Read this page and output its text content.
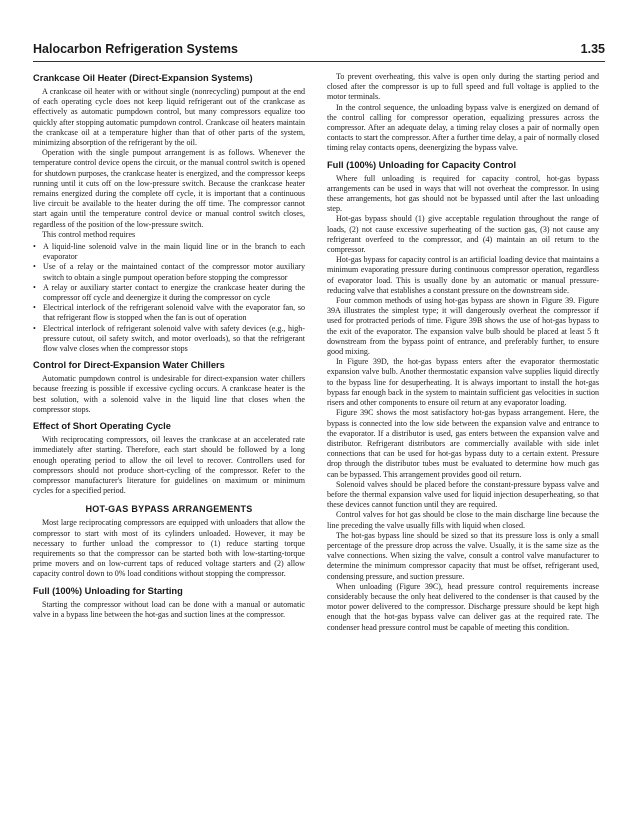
Halocarbon Refrigeration Systems	1.35
Crankcase Oil Heater (Direct-Expansion Systems)

A crankcase oil heater with or without single (nonrecycling) pumpout at the end of each operating cycle does not keep liquid refrigerant out of the crankcase as effectively as automatic pumpdown control, but many compressors equalize too quickly after stopping automatic pumpdown control. Crankcase oil heaters maintain the crankcase oil at a temperature higher than that of other parts of the system, minimizing absorption of the refrigerant by the oil.

Operation with the single pumpout arrangement is as follows. Whenever the temperature control device opens the circuit, or the manual control switch is opened for shutdown purposes, the crankcase heater is energized, and the compressor keeps running until it cuts off on the low-pressure switch. Because the crankcase heater remains energized during the complete off cycle, it is important that a continuous live circuit be available to the heater during the off time. The compressor cannot start again until the temperature control device or manual control switch closes, regardless of the position of the low-pressure switch.

This control method requires

• A liquid-line solenoid valve in the main liquid line or in the branch to each evaporator
• Use of a relay or the maintained contact of the compressor motor auxiliary switch to obtain a single pumpout operation before stopping the compressor
• A relay or auxiliary starter contact to energize the crankcase heater during the compressor off cycle and deenergize it during the compressor on cycle
• Electrical interlock of the refrigerant solenoid valve with the evaporator fan, so that refrigerant flow is stopped when the fan is out of operation
• Electrical interlock of refrigerant solenoid valve with safety devices (e.g., high-pressure cutout, oil safety switch, and motor overloads), so that the refrigerant flow valve closes when the compressor stops
Control for Direct-Expansion Water Chillers

Automatic pumpdown control is undesirable for direct-expansion water chillers because freezing is possible if excessive cycling occurs. A crankcase heater is the best solution, with a solenoid valve in the liquid line that closes when the compressor stops.

Effect of Short Operating Cycle

With reciprocating compressors, oil leaves the crankcase at an accelerated rate immediately after starting. Therefore, each start should be followed by a long enough operating period to allow the oil level to recover. Controllers used for compressors should not produce short-cycling of the compressor. Refer to the compressor manufacturer's literature for guidelines on maximum or minimum cycles for a specified period.

HOT-GAS BYPASS ARRANGEMENTS

Most large reciprocating compressors are equipped with unloaders that allow the compressor to start with most of its cylinders unloaded. However, it may be necessary to further unload the compressor to (1) reduce starting torque requirements so that the compressor can be started both with low-starting-torque prime movers and on low-current taps of reduced voltage starters and (2) allow capacity control down to 0% load conditions without stopping the compressor.

Full (100%) Unloading for Starting

Starting the compressor without load can be done with a manual or automatic valve in a bypass line between the hot-gas and suction lines at the compressor.

To prevent overheating, this valve is open only during the starting period and closed after the compressor is up to full speed and full voltage is applied to the motor terminals.

In the control sequence, the unloading bypass valve is energized on demand of the control calling for compressor operation, equalizing pressures across the compressor. After an adequate delay, a timing relay closes a pair of normally open contacts to start the compressor. After a further time delay, a pair of normally closed timing relay contacts opens, deenergizing the bypass valve.

Full (100%) Unloading for Capacity Control

Where full unloading is required for capacity control, hot-gas bypass arrangements can be used in ways that will not overheat the compressor. In using these arrangements, hot gas should not be bypassed until after the last unloading step.

Hot-gas bypass should (1) give acceptable regulation throughout the range of loads, (2) not cause excessive superheating of the suction gas, (3) not cause any refrigerant overfeed to the compressor, and (4) maintain an oil return to the compressor.

Hot-gas bypass for capacity control is an artificial loading device that maintains a minimum evaporating pressure during continuous compressor operation, regardless of evaporator load. This is usually done by an automatic or manual pressure-reducing valve that establishes a constant pressure on the downstream side.

Four common methods of using hot-gas bypass are shown in Figure 39. Figure 39A illustrates the simplest type; it will dangerously overheat the compressor if used for protracted periods of time. Figure 39B shows the use of hot-gas bypass to the exit of the evaporator. The expansion valve bulb should be placed at least 5 ft downstream from the bypass point of entrance, and preferably further, to ensure good mixing.

In Figure 39D, the hot-gas bypass enters after the evaporator thermostatic expansion valve bulb. Another thermostatic expansion valve supplies liquid directly to the bypass line for desuperheating. It is always important to install the hot-gas bypass far enough back in the system to maintain sufficient gas velocities in suction risers and other components to ensure oil return at any evaporator loading.

Figure 39C shows the most satisfactory hot-gas bypass arrangement. Here, the bypass is connected into the low side between the expansion valve and entrance to the evaporator. If a distributor is used, gas enters between the expansion valve and distributor. Refrigerant distributors are commercially available with side inlet connections that can be used for hot-gas bypass duty to a certain extent. Pressure drop through the distributor tubes must be evaluated to determine how much gas can be bypassed. This arrangement provides good oil return.

Solenoid valves should be placed before the constant-pressure bypass valve and before the thermal expansion valve used for liquid injection desuperheating, so that these devices cannot function until they are required.

Control valves for hot gas should be close to the main discharge line because the line preceding the valve usually fills with liquid when closed.

The hot-gas bypass line should be sized so that its pressure loss is only a small percentage of the pressure drop across the valve. Usually, it is the same size as the valve connections. When sizing the valve, consult a control valve manufacturer to determine the minimum compressor capacity that must be offset, refrigerant used, condensing pressure, and suction pressure.

When unloading (Figure 39C), head pressure control requirements increase considerably because the only heat delivered to the condenser is that caused by the motor power delivered to the compressor. Discharge pressure should be kept high enough that the hot-gas bypass valve can deliver gas at the required rate. The condenser head pressure control must be capable of meeting this condition.
